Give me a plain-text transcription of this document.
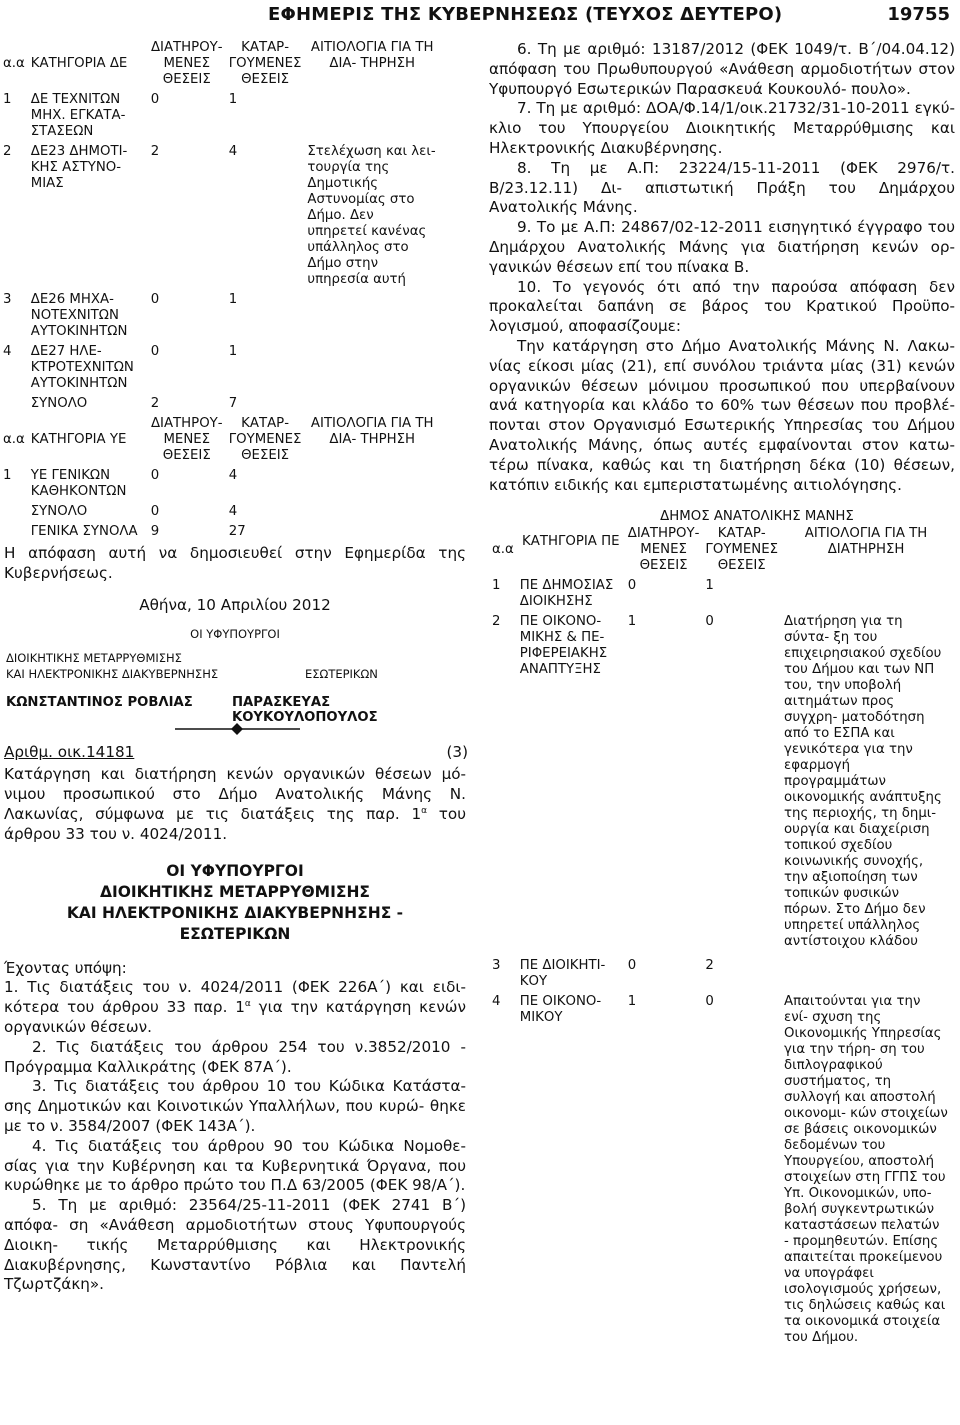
ΕΦΗΜΕΡΙΣ ΤΗΣ ΚΥΒΕΡΝΗΣΕΩΣ (ΤΕΥΧΟΣ ΔΕΥΤΕΡΟ)	19755
α.α	ΚΑΤΗΓΟΡΙΑ ΔΕ	ΔΙΑΤΗΡΟΥ- ΜΕΝΕΣ ΘΕΣΕΙΣ	ΚΑΤΑΡ- ΓΟΥΜΕΝΕΣ ΘΕΣΕΙΣ	ΑΙΤΙΟΛΟΓΙΑ ΓΙΑ ΤΗ ΔΙΑ- ΤΗΡΗΣΗ
1	ΔΕ ΤΕΧΝΙΤΩΝ ΜΗΧ. ΕΓΚΑΤΑ- ΣΤΑΣΕΩΝ	0	1	
2	ΔΕ23 ΔΗΜΟΤΙ- ΚΗΣ ΑΣΤΥΝΟ- ΜΙΑΣ	2	4	Στελέχωση και λει- τουργία της Δημοτικής Αστυνομίας στο Δήμο. Δεν υπηρετεί κανένας υπάλληλος στο Δήμο στην υπηρεσία αυτή
3	ΔΕ26 ΜΗΧΑ- ΝΟΤΕΧΝΙΤΩΝ ΑΥΤΟΚΙΝΗΤΩΝ	0	1	
4	ΔΕ27 ΗΛΕ- ΚΤΡΟΤΕΧΝΙΤΩΝ ΑΥΤΟΚΙΝΗΤΩΝ	0	1	
	ΣΥΝΟΛΟ	2	7	
α.α	ΚΑΤΗΓΟΡΙΑ ΥΕ	ΔΙΑΤΗΡΟΥ- ΜΕΝΕΣ ΘΕΣΕΙΣ	ΚΑΤΑΡ- ΓΟΥΜΕΝΕΣ ΘΕΣΕΙΣ	ΑΙΤΙΟΛΟΓΙΑ ΓΙΑ ΤΗ ΔΙΑ- ΤΗΡΗΣΗ
1	ΥΕ ΓΕΝΙΚΩΝ ΚΑΘΗΚΟΝΤΩΝ	0	4	
	ΣΥΝΟΛΟ	0	4	
	ΓΕΝΙΚΑ ΣΥΝΟΛΑ	9	27	

Η απόφαση αυτή να δημοσιευθεί στην Εφημερίδα της Κυβερνήσεως.

Αθήνα, 10 Απριλίου 2012

ΟΙ ΥΦΥΠΟΥΡΓΟΙ

ΔΙΟΙΚΗΤΙΚΗΣ ΜΕΤΑΡΡΥΘΜΙΣΗΣ
ΚΑΙ ΗΛΕΚΤΡΟΝΙΚΗΣ ΔΙΑΚΥΒΕΡΝΗΣΗΣ	ΕΣΩΤΕΡΙΚΩΝ
ΚΩΝΣΤΑΝΤΙΝΟΣ ΡΟΒΛΙΑΣ	ΠΑΡΑΣΚΕΥΑΣ ΚΟΥΚΟΥΛΟΠΟΥΛΟΣ
Αριθμ. οικ.14181	(3)

Κατάργηση και διατήρηση κενών οργανικών θέσεων μό- νιμου προσωπικού στο Δήμο Ανατολικής Μάνης Ν. Λακωνίας, σύμφωνα με τις διατάξεις της παρ. $1^\alpha$ του άρθρου 33 του ν. 4024/2011.

ΟΙ ΥΦΥΠΟΥΡΓΟΙ
ΔΙΟΙΚΗΤΙΚΗΣ ΜΕΤΑΡΡΥΘΜΙΣΗΣ
ΚΑΙ ΗΛΕΚΤΡΟΝΙΚΗΣ ΔΙΑΚΥΒΕΡΝΗΣΗΣ -
ΕΣΩΤΕΡΙΚΩΝ

Έχοντας υπόψη:

1. Τις διατάξεις του ν. 4024/2011 (ΦΕΚ 226Α΄) και ειδι- κότερα του άρθρου 33 παρ. $1^\alpha$ για την κατάργηση κενών οργανικών θέσεων.

2. Τις διατάξεις του άρθρου 254 του ν.3852/2010 - Πρόγραμμα Καλλικράτης (ΦΕΚ 87Α΄).

3. Τις διατάξεις του άρθρου 10 του Κώδικα Κατάστα- σης Δημοτικών και Κοινοτικών Υπαλλήλων, που κυρώ- θηκε με το ν. 3584/2007 (ΦΕΚ 143Α΄).

4. Τις διατάξεις του άρθρου 90 του Κώδικα Νομοθε- σίας για την Κυβέρνηση και τα Κυβερνητικά Όργανα, που κυρώθηκε με το άρθρο πρώτο του Π.Δ 63/2005 (ΦΕΚ 98/Α΄).

5. Τη με αριθμό: 23564/25-11-2011 (ΦΕΚ 2741 Β΄) απόφα- ση «Ανάθεση αρμοδιοτήτων στους Υφυπουργούς Διοικη- τικής Μεταρρύθμισης και Ηλεκτρονικής Διακυβέρνησης, Κωνσταντίνο Ρόβλια και Παντελή Τζωρτζάκη».

6. Τη με αριθμό: 13187/2012 (ΦΕΚ 1049/τ. Β΄/04.04.12) απόφαση του Πρωθυπουργού «Ανάθεση αρμοδιοτήτων στον Υφυπουργό Εσωτερικών Παρασκευά Κουκουλό- πουλο».

7. Τη με αριθμό: ΔΟΑ/Φ.14/1/οικ.21732/31-10-2011 εγκύ- κλιο του Υπουργείου Διοικητικής Μεταρρύθμισης και Ηλεκτρονικής Διακυβέρνησης.

8. Τη με Α.Π: 23224/15-11-2011 (ΦΕΚ 2976/τ. Β/23.12.11) Δι- απιστωτική Πράξη του Δημάρχου Ανατολικής Μάνης.

9. Το με Α.Π: 24867/02-12-2011 εισηγητικό έγγραφο του Δημάρχου Ανατολικής Μάνης για διατήρηση κενών ορ- γανικών θέσεων επί του πίνακα Β.

10. Το γεγονός ότι από την παρούσα απόφαση δεν προκαλείται δαπάνη σε βάρος του Κρατικού Προϋπο- λογισμού, αποφασίζουμε:

Την κατάργηση στο Δήμο Ανατολικής Μάνης Ν. Λακω- νίας είκοσι μίας (21), επί συνόλου τριάντα μίας (31) κενών οργανικών θέσεων μόνιμου προσωπικού που υπερβαίνουν ανά κατηγορία και κλάδο το 60% των θέσεων που προβλέ- πονται στον Οργανισμό Εσωτερικής Υπηρεσίας του Δήμου Ανατολικής Μάνης, όπως αυτές εμφαίνονται στον κατω- τέρω πίνακα, καθώς και τη διατήρηση δέκα (10) θέσεων, κατόπιν ειδικής και εμπεριστατωμένης αιτιολόγησης.

ΔΗΜΟΣ ΑΝΑΤΟΛΙΚΗΣ ΜΑΝΗΣ
α.α	ΚΑΤΗΓΟΡΙΑ ΠΕ	ΔΙΑΤΗΡΟΥ- ΜΕΝΕΣ ΘΕΣΕΙΣ	ΚΑΤΑΡ- ΓΟΥΜΕΝΕΣ ΘΕΣΕΙΣ	ΑΙΤΙΟΛΟΓΙΑ ΓΙΑ ΤΗ ΔΙΑΤΗΡΗΣΗ
1	ΠΕ ΔΗΜΟΣΙΑΣ ΔΙΟΙΚΗΣΗΣ	0	1	
2	ΠΕ ΟΙΚΟΝΟ- ΜΙΚΗΣ & ΠΕ- ΡΙΦΕΡΕΙΑΚΗΣ ΑΝΑΠΤΥΞΗΣ	1	0	Διατήρηση για τη σύντα- ξη του επιχειρησιακού σχεδίου του Δήμου και των ΝΠ του, την υποβολή αιτημάτων προς συγχρη- ματοδότηση από το ΕΣΠΑ και γενικότερα για την εφαρμογή προγραμμάτων οικονομικής ανάπτυξης της περιοχής, τη δημι- ουργία και διαχείριση τοπικού σχεδίου κοινωνικής συνοχής, την αξιοποίηση των τοπικών φυσικών πόρων. Στο Δήμο δεν υπηρετεί υπάλληλος αντίστοιχου κλάδου
3	ΠΕ ΔΙΟΙΚΗΤΙ- ΚΟΥ	0	2	
4	ΠΕ ΟΙΚΟΝΟ- ΜΙΚΟΥ	1	0	Απαιτούνται για την ενί- σχυση της Οικονομικής Υπηρεσίας για την τήρη- ση του διπλογραφικού συστήματος, τη συλλογή και αποστολή οικονομι- κών στοιχείων σε βάσεις οικονομικών δεδομένων του Υπουργείου, αποστολή στοιχείων στη ΓΓΠΣ του Υπ. Οικονομικών, υπο- βολή συγκεντρωτικών καταστάσεων πελατών - προμηθευτών. Επίσης απαιτείται προκείμενου να υπογράφει ισολογισμούς χρήσεων, τις δηλώσεις καθώς και τα οικονομικά στοιχεία του Δήμου.
